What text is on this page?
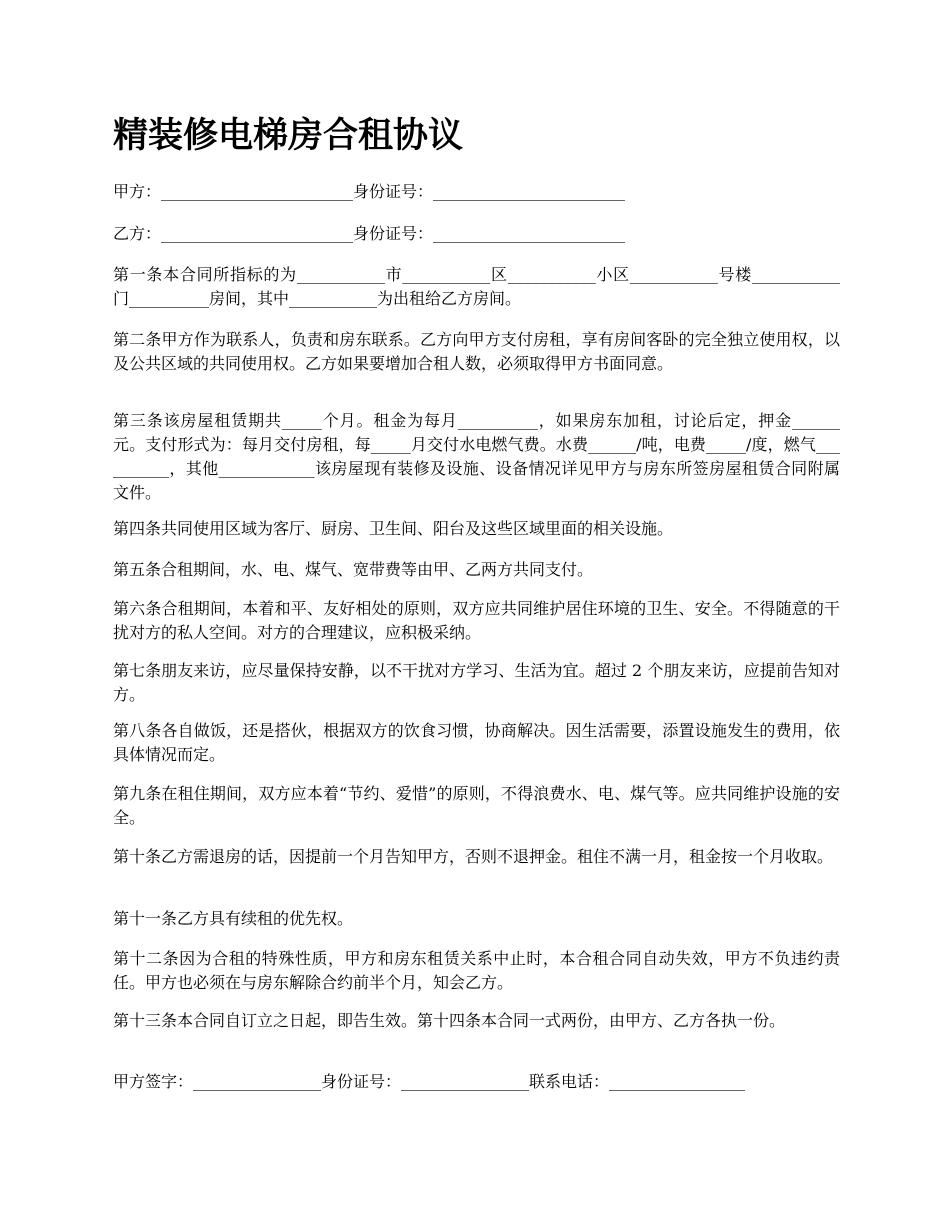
精装修电梯房合租协议
甲方：________________________身份证号：________________________
乙方：________________________身份证号：________________________
第一条本合同所指标的为___________市___________区___________小区___________号楼___________门__________房间，其中___________为出租给乙方房间。
第二条甲方作为联系人，负责和房东联系。乙方向甲方支付房租，享有房间客卧的完全独立使用权，以及公共区域的共同使用权。乙方如果要增加合租人数，必须取得甲方书面同意。
第三条该房屋租赁期共_____个月。租金为每月__________，如果房东加租，讨论后定，押金______元。支付形式为：每月交付房租，每_____月交付水电燃气费。水费______/吨，电费_____/度，燃气__________，其他____________该房屋现有装修及设施、设备情况详见甲方与房东所签房屋租赁合同附属文件。
第四条共同使用区域为客厅、厨房、卫生间、阳台及这些区域里面的相关设施。
第五条合租期间，水、电、煤气、宽带费等由甲、乙两方共同支付。
第六条合租期间，本着和平、友好相处的原则，双方应共同维护居住环境的卫生、安全。不得随意的干扰对方的私人空间。对方的合理建议，应积极采纳。
第七条朋友来访，应尽量保持安静，以不干扰对方学习、生活为宜。超过 2 个朋友来访，应提前告知对方。
第八条各自做饭，还是搭伙，根据双方的饮食习惯，协商解决。因生活需要，添置设施发生的费用，依具体情况而定。
第九条在租住期间，双方应本着“节约、爱惜”的原则，不得浪费水、电、煤气等。应共同维护设施的安全。
第十条乙方需退房的话，因提前一个月告知甲方，否则不退押金。租住不满一月，租金按一个月收取。
第十一条乙方具有续租的优先权。
第十二条因为合租的特殊性质，甲方和房东租赁关系中止时，本合租合同自动失效，甲方不负违约责任。甲方也必须在与房东解除合约前半个月，知会乙方。
第十三条本合同自订立之日起，即告生效。第十四条本合同一式两份，由甲方、乙方各执一份。
甲方签字：________________身份证号：________________联系电话：_________________
